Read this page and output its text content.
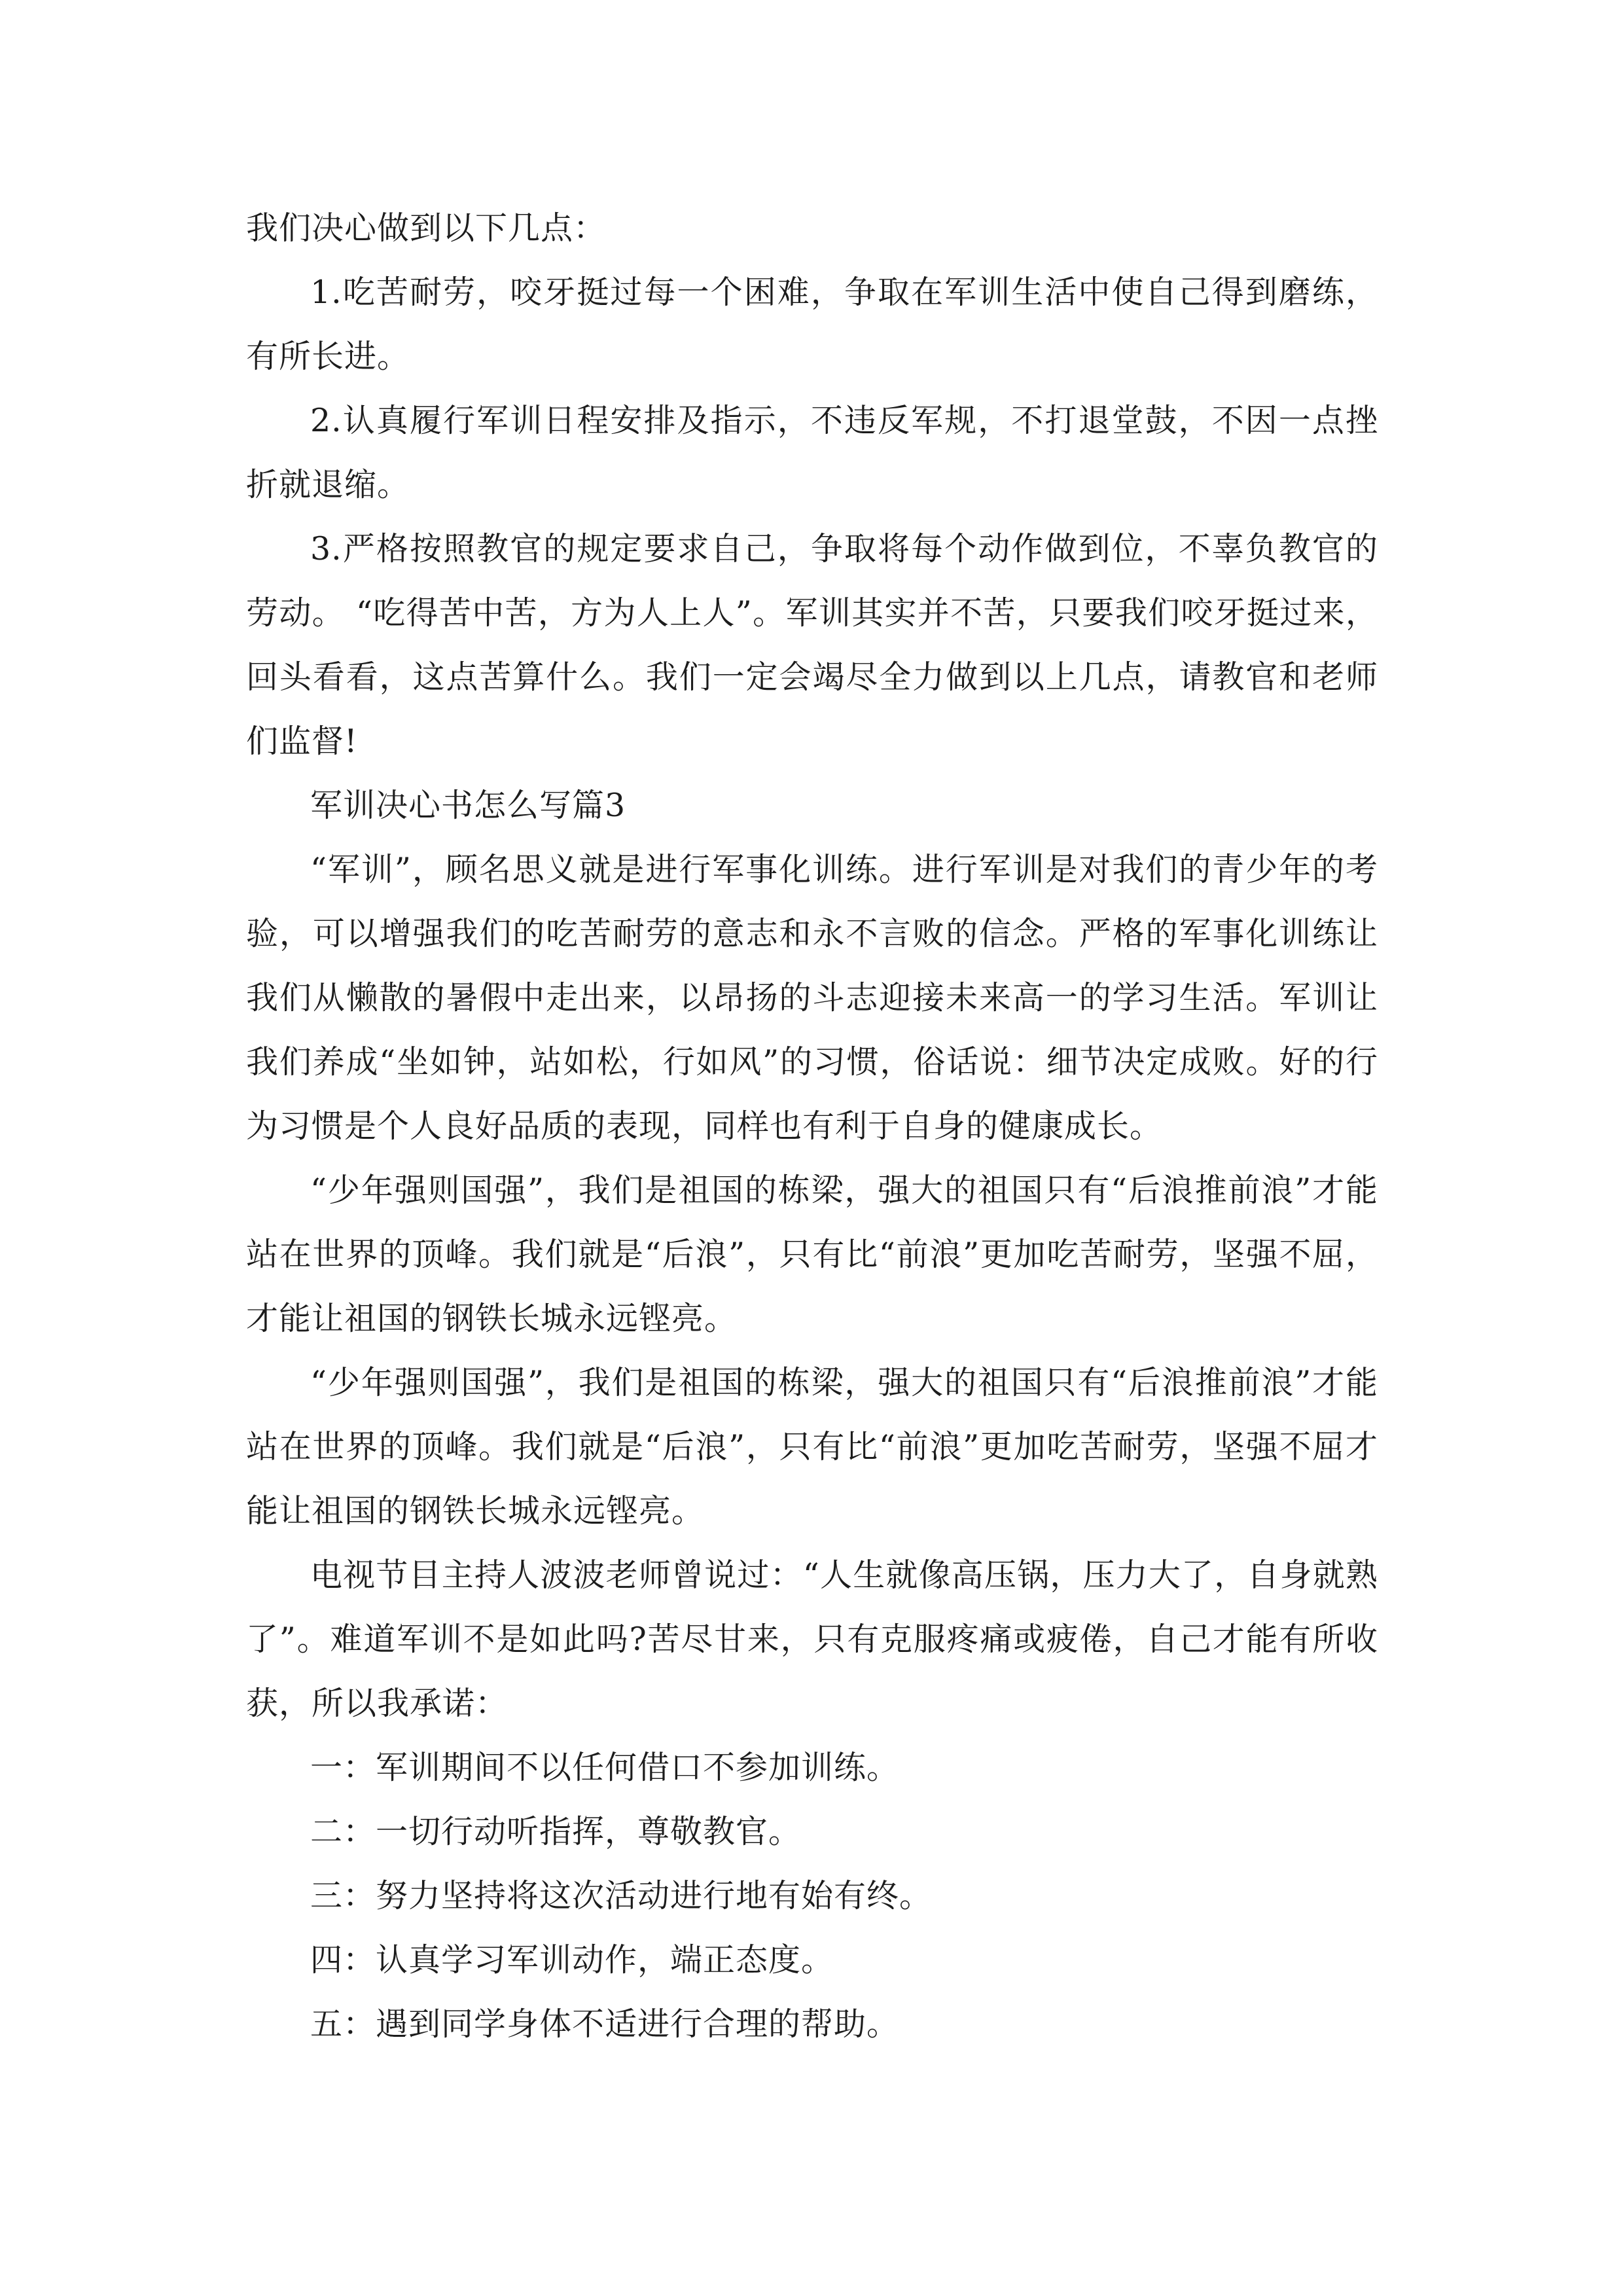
我们决心做到以下几点：

1.吃苦耐劳，咬牙挺过每一个困难，争取在军训生活中使自己得到磨练，有所长进。

2.认真履行军训日程安排及指示，不违反军规，不打退堂鼓，不因一点挫折就退缩。

3.严格按照教官的规定要求自己，争取将每个动作做到位，不辜负教官的劳动。 “吃得苦中苦，方为人上人”。军训其实并不苦，只要我们咬牙挺过来，回头看看，这点苦算什么。我们一定会竭尽全力做到以上几点，请教官和老师们监督!

军训决心书怎么写篇3

“军训”，顾名思义就是进行军事化训练。进行军训是对我们的青少年的考验，可以增强我们的吃苦耐劳的意志和永不言败的信念。严格的军事化训练让我们从懒散的暑假中走出来，以昂扬的斗志迎接未来高一的学习生活。军训让我们养成“坐如钟，站如松，行如风”的习惯，俗话说：细节决定成败。好的行为习惯是个人良好品质的表现，同样也有利于自身的健康成长。

“少年强则国强”，我们是祖国的栋梁，强大的祖国只有“后浪推前浪”才能站在世界的顶峰。我们就是“后浪”，只有比“前浪”更加吃苦耐劳，坚强不屈，才能让祖国的钢铁长城永远铿亮。

“少年强则国强”，我们是祖国的栋梁，强大的祖国只有“后浪推前浪”才能站在世界的顶峰。我们就是“后浪”，只有比“前浪”更加吃苦耐劳，坚强不屈才能让祖国的钢铁长城永远铿亮。

电视节目主持人波波老师曾说过：“人生就像高压锅，压力大了，自身就熟了”。难道军训不是如此吗?苦尽甘来，只有克服疼痛或疲倦，自己才能有所收获，所以我承诺：

一：军训期间不以任何借口不参加训练。

二：一切行动听指挥，尊敬教官。

三：努力坚持将这次活动进行地有始有终。

四：认真学习军训动作，端正态度。

五：遇到同学身体不适进行合理的帮助。
